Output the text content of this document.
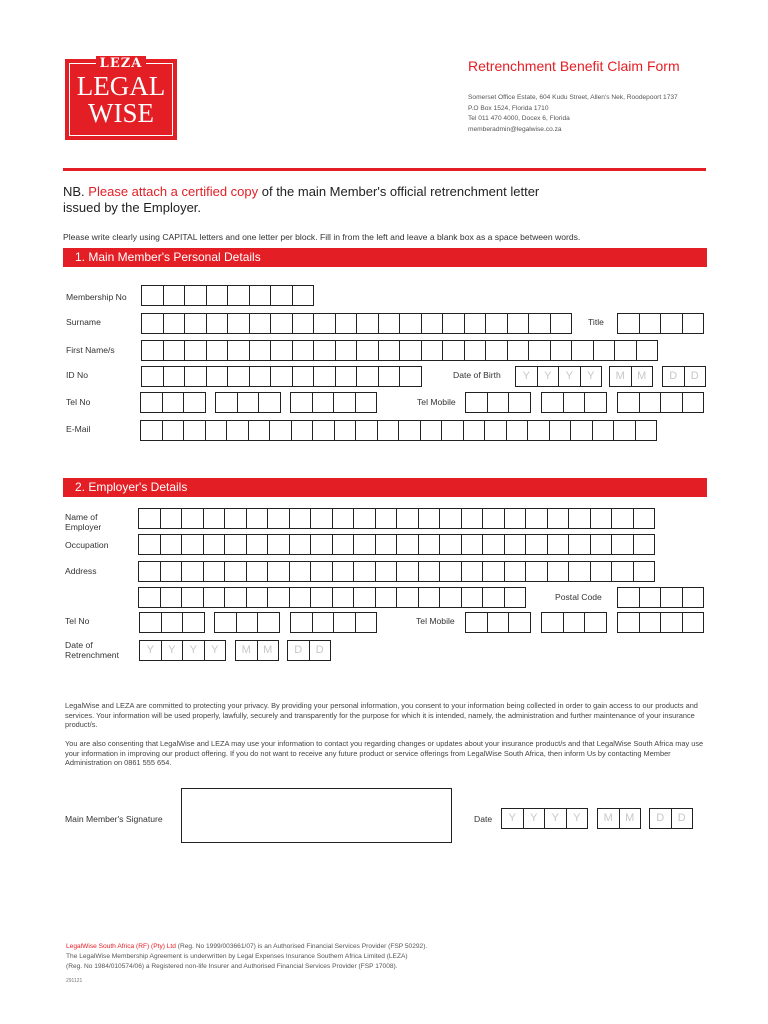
LEZA
LEGAL
WISE
Retrenchment Benefit Claim Form
Somerset Office Estate, 604 Kudu Street, Allen's Nek, Roodepoort 1737
P.O Box 1524, Florida 1710
Tel 011 470 4000, Docex 6, Florida
memberadmin@legalwise.co.za
NB. Please attach a certified copy of the main Member's official retrenchment letter
issued by the Employer.
Please write clearly using CAPITAL letters and one letter per block. Fill in from the left and leave a blank box as a space between words.
1. Main Member's Personal Details
Membership No
Surname	Title
First Name/s
ID No	Date of Birth	Y	Y	Y	Y	M	M	D	D
Tel No	Tel Mobile
E-Mail
2. Employer's Details
Name of
Employer
Occupation
Address
Postal Code
Tel No	Tel Mobile
Date of
Retrenchment	Y	Y	Y	Y	M	M	D	D
LegalWise and LEZA are committed to protecting your privacy. By providing your personal information, you consent to your information being collected in order to gain access to our products and services. Your information will be used properly, lawfully, securely and transparently for the purpose for which it is intended, namely, the administration and further maintenance of your insurance product/s.
You are also consenting that LegalWise and LEZA may use your information to contact you regarding changes or updates about your insurance product/s and that LegalWise South Africa may use your information in improving our product offering. If you do not want to receive any future product or service offerings from LegalWise South Africa, then inform Us by contacting Member Administration on 0861 555 654.
Main Member's Signature	Date	Y	Y	Y	Y	M	M	D	D
LegalWise South Africa (RF) (Pty) Ltd (Reg. No 1999/003661/07) is an Authorised Financial Services Provider (FSP 50292).
The LegalWise Membership Agreement is underwritten by Legal Expenses Insurance Southern Africa Limited (LEZA)
(Reg. No 1984/010574/06) a Registered non-life Insurer and Authorised Financial Services Provider (FSP 17008).
291121
